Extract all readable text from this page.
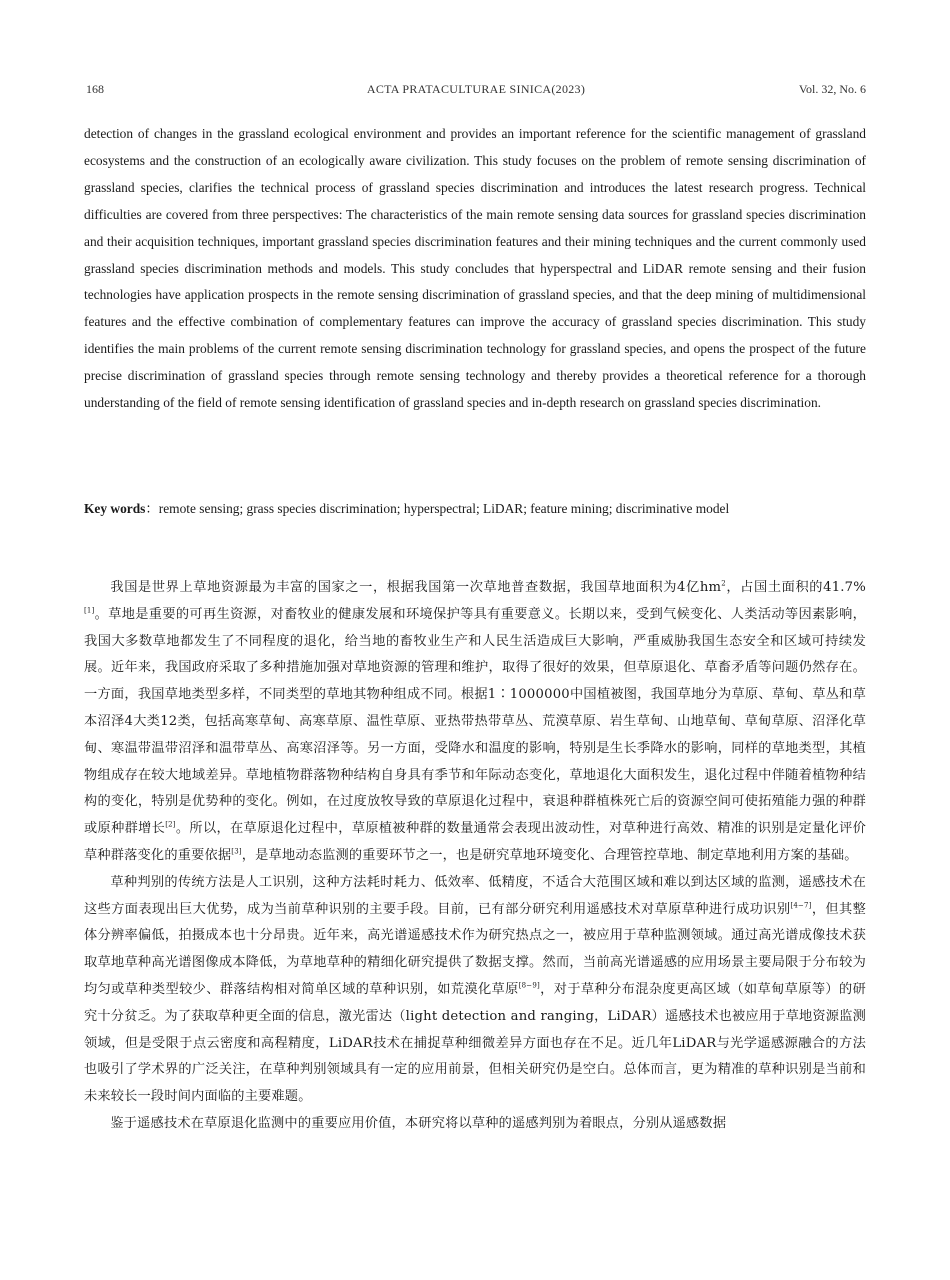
168	ACTA PRATACULTURAE SINICA(2023)	Vol. 32, No. 6

detection of changes in the grassland ecological environment and provides an important reference for the scientific management of grassland ecosystems and the construction of an ecologically aware civilization. This study focuses on the problem of remote sensing discrimination of grassland species, clarifies the technical process of grassland species discrimination and introduces the latest research progress. Technical difficulties are covered from three perspectives: The characteristics of the main remote sensing data sources for grassland species discrimination and their acquisition techniques, important grassland species discrimination features and their mining techniques and the current commonly used grassland species discrimination methods and models. This study concludes that hyperspectral and LiDAR remote sensing and their fusion technologies have application prospects in the remote sensing discrimination of grassland species, and that the deep mining of multidimensional features and the effective combination of complementary features can improve the accuracy of grassland species discrimination. This study identifies the main problems of the current remote sensing discrimination technology for grassland species, and opens the prospect of the future precise discrimination of grassland species through remote sensing technology and thereby provides a theoretical reference for a thorough understanding of the field of remote sensing identification of grassland species and in-depth research on grassland species discrimination.

Key words：remote sensing; grass species discrimination; hyperspectral; LiDAR; feature mining; discriminative model

我国是世界上草地资源最为丰富的国家之一，根据我国第一次草地普查数据，我国草地面积为4亿$hm^2$，占国土面积的41.7%[1]。草地是重要的可再生资源，对畜牧业的健康发展和环境保护等具有重要意义。长期以来，受到气候变化、人类活动等因素影响，我国大多数草地都发生了不同程度的退化，给当地的畜牧业生产和人民生活造成巨大影响，严重威胁我国生态安全和区域可持续发展。近年来，我国政府采取了多种措施加强对草地资源的管理和维护，取得了很好的效果，但草原退化、草畜矛盾等问题仍然存在。一方面，我国草地类型多样，不同类型的草地其物种组成不同。根据1∶1000000中国植被图，我国草地分为草原、草甸、草丛和草本沼泽4大类12类，包括高寒草甸、高寒草原、温性草原、亚热带热带草丛、荒漠草原、岩生草甸、山地草甸、草甸草原、沼泽化草甸、寒温带温带沼泽和温带草丛、高寒沼泽等。另一方面，受降水和温度的影响，特别是生长季降水的影响，同样的草地类型，其植物组成存在较大地域差异。草地植物群落物种结构自身具有季节和年际动态变化，草地退化大面积发生，退化过程中伴随着植物种结构的变化，特别是优势种的变化。例如，在过度放牧导致的草原退化过程中，衰退种群植株死亡后的资源空间可使拓殖能力强的种群或原种群增长[2]。所以，在草原退化过程中，草原植被种群的数量通常会表现出波动性，对草种进行高效、精准的识别是定量化评价草种群落变化的重要依据[3]，是草地动态监测的重要环节之一，也是研究草地环境变化、合理管控草地、制定草地利用方案的基础。

草种判别的传统方法是人工识别，这种方法耗时耗力、低效率、低精度，不适合大范围区域和难以到达区域的监测，遥感技术在这些方面表现出巨大优势，成为当前草种识别的主要手段。目前，已有部分研究利用遥感技术对草原草种进行成功识别[4−7]，但其整体分辨率偏低，拍摄成本也十分昂贵。近年来，高光谱遥感技术作为研究热点之一，被应用于草种监测领域。通过高光谱成像技术获取草地草种高光谱图像成本降低，为草地草种的精细化研究提供了数据支撑。然而，当前高光谱遥感的应用场景主要局限于分布较为均匀或草种类型较少、群落结构相对简单区域的草种识别，如荒漠化草原[8−9]，对于草种分布混杂度更高区域（如草甸草原等）的研究十分贫乏。为了获取草种更全面的信息，激光雷达（light detection and ranging，LiDAR）遥感技术也被应用于草地资源监测领域，但是受限于点云密度和高程精度，LiDAR技术在捕捉草种细微差异方面也存在不足。近几年LiDAR与光学遥感源融合的方法也吸引了学术界的广泛关注，在草种判别领域具有一定的应用前景，但相关研究仍是空白。总体而言，更为精准的草种识别是当前和未来较长一段时间内面临的主要难题。

鉴于遥感技术在草原退化监测中的重要应用价值，本研究将以草种的遥感判别为着眼点，分别从遥感数据
